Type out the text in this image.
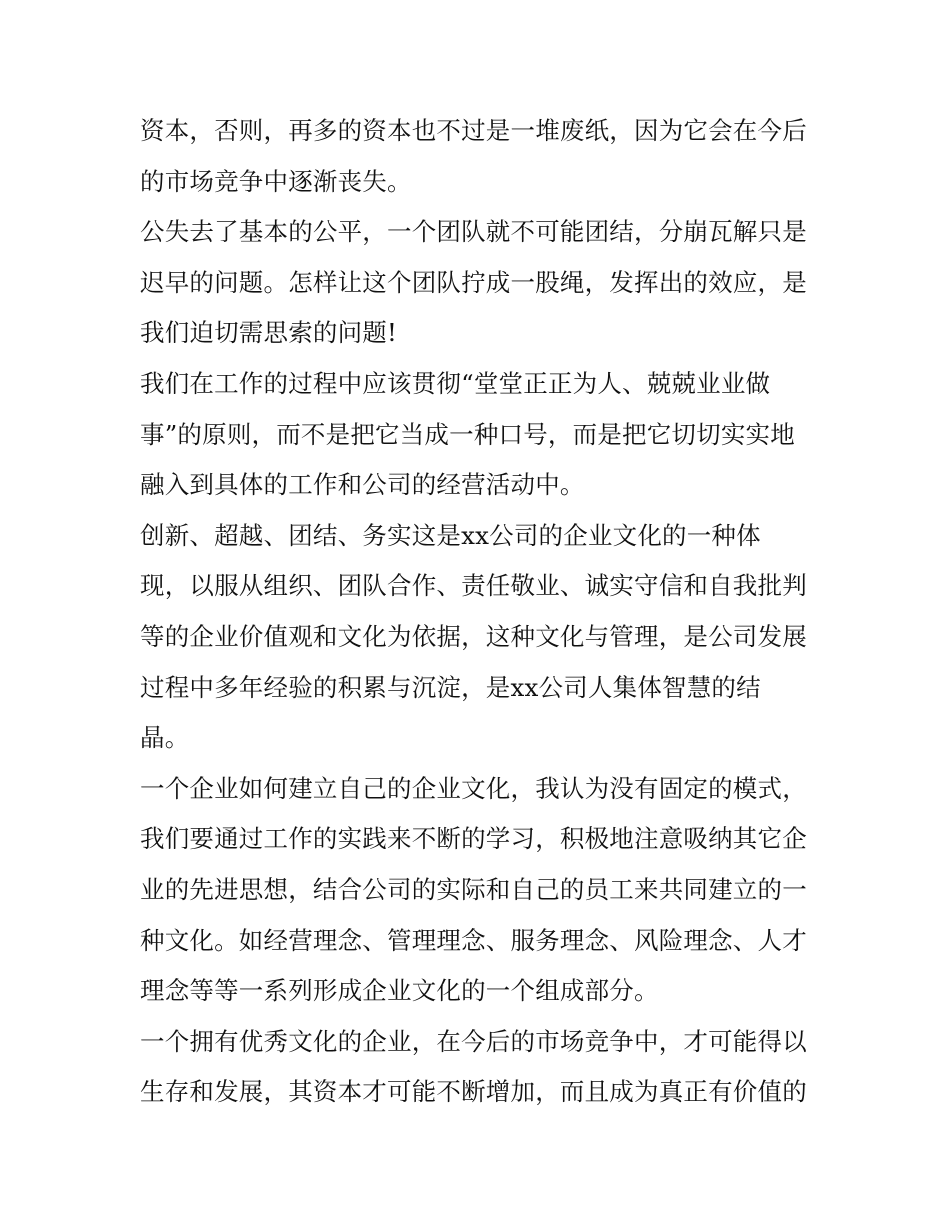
资本，否则，再多的资本也不过是一堆废纸，因为它会在今后
的市场竞争中逐渐丧失。
公失去了基本的公平，一个团队就不可能团结，分崩瓦解只是
迟早的问题。怎样让这个团队拧成一股绳，发挥出的效应，是
我们迫切需思索的问题!
我们在工作的过程中应该贯彻“堂堂正正为人、兢兢业业做
事”的原则，而不是把它当成一种口号，而是把它切切实实地
融入到具体的工作和公司的经营活动中。
创新、超越、团结、务实这是xx公司的企业文化的一种体
现，以服从组织、团队合作、责任敬业、诚实守信和自我批判
等的企业价值观和文化为依据，这种文化与管理，是公司发展
过程中多年经验的积累与沉淀，是xx公司人集体智慧的结
晶。
一个企业如何建立自己的企业文化，我认为没有固定的模式，
我们要通过工作的实践来不断的学习，积极地注意吸纳其它企
业的先进思想，结合公司的实际和自己的员工来共同建立的一
种文化。如经营理念、管理理念、服务理念、风险理念、人才
理念等等一系列形成企业文化的一个组成部分。
一个拥有优秀文化的企业，在今后的市场竞争中，才可能得以
生存和发展，其资本才可能不断增加，而且成为真正有价值的
